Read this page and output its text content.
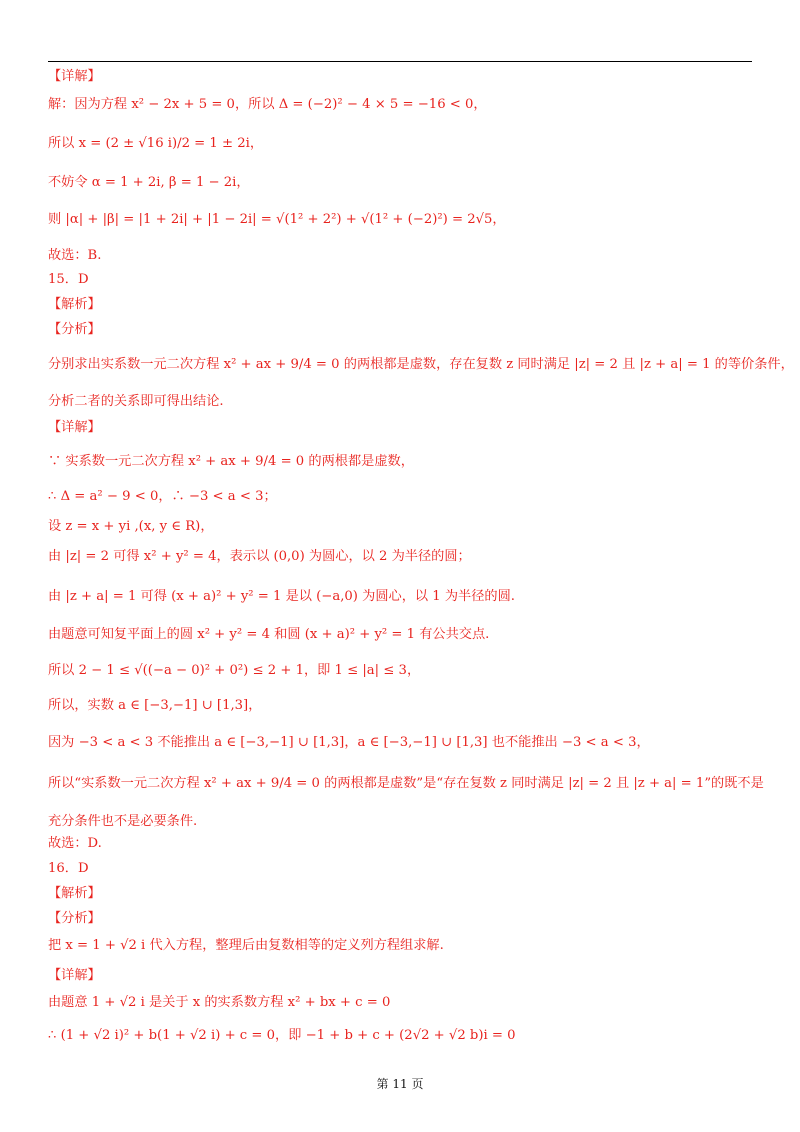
【详解】
解：因为方程 x² − 2x + 5 = 0，所以 Δ = (−2)² − 4 × 5 = −16 < 0，
所以 x = (2 ± √16 i)/2 = 1 ± 2i，
不妨令 α = 1 + 2i, β = 1 − 2i，
则 |α| + |β| = |1 + 2i| + |1 − 2i| = √(1² + 2²) + √(1² + (−2)²) = 2√5，
故选：B.
15．D
【解析】
【分析】
分别求出实系数一元二次方程 x² + ax + 9/4 = 0 的两根都是虚数，存在复数 z 同时满足 |z| = 2 且 |z + a| = 1 的等价条件，
分析二者的关系即可得出结论.
【详解】
∵ 实系数一元二次方程 x² + ax + 9/4 = 0 的两根都是虚数，
∴ Δ = a² − 9 < 0，∴ −3 < a < 3；
设 z = x + yi ,(x, y ∈ R)，
由 |z| = 2 可得 x² + y² = 4，表示以 (0,0) 为圆心，以 2 为半径的圆；
由 |z + a| = 1 可得 (x + a)² + y² = 1 是以 (−a,0) 为圆心，以 1 为半径的圆.
由题意可知复平面上的圆 x² + y² = 4 和圆 (x + a)² + y² = 1 有公共交点.
所以 2 − 1 ≤ √((−a − 0)² + 0²) ≤ 2 + 1，即 1 ≤ |a| ≤ 3，
所以，实数 a ∈ [−3,−1] ∪ [1,3]，
因为 −3 < a < 3 不能推出 a ∈ [−3,−1] ∪ [1,3]，a ∈ [−3,−1] ∪ [1,3] 也不能推出 −3 < a < 3，
所以“实系数一元二次方程 x² + ax + 9/4 = 0 的两根都是虚数”是“存在复数 z 同时满足 |z| = 2 且 |z + a| = 1”的既不是
充分条件也不是必要条件.
故选：D.
16．D
【解析】
【分析】
把 x = 1 + √2 i 代入方程，整理后由复数相等的定义列方程组求解.
【详解】
由题意 1 + √2 i 是关于 x 的实系数方程 x² + bx + c = 0
∴ (1 + √2 i)² + b(1 + √2 i) + c = 0，即 −1 + b + c + (2√2 + √2 b)i = 0
第 11 页
